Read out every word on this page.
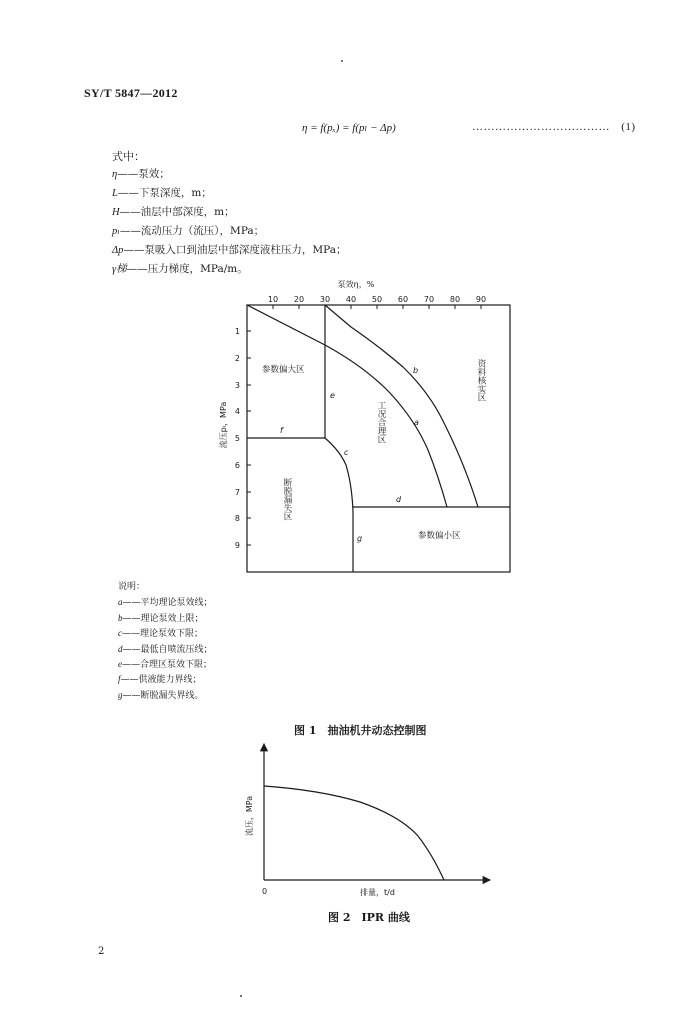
SY/T 5847—2012
η = f(pₓ) = f(pₗ − Δp)	……………………………… (1)
式中：
η——泵效；
L——下泵深度，m；
H——油层中部深度，m；
pₗ——流动压力（流压），MPa；
Δp——泵吸入口到油层中部深度液柱压力，MPa；
γ梯——压力梯度，MPa/m。
泵效η，%
10 20 30 40 50 60 70 80 90
1
2
3
4
5
6
7
8
9
流压pₗ，MPa	a
b
c
d
e
f
g
参数偏大区
参数偏小区
资料核实区
工况合理区
断脱漏失区
说明：
a——平均理论泵效线；
b——理论泵效上限；
c——理论泵效下限；
d——最低自喷流压线；
e——合理区泵效下限；
f——供液能力界线；
g——断脱漏失界线。
图 1　抽油机井动态控制图
流压，MPa
0	排量，t/d
图 2　IPR 曲线
2
